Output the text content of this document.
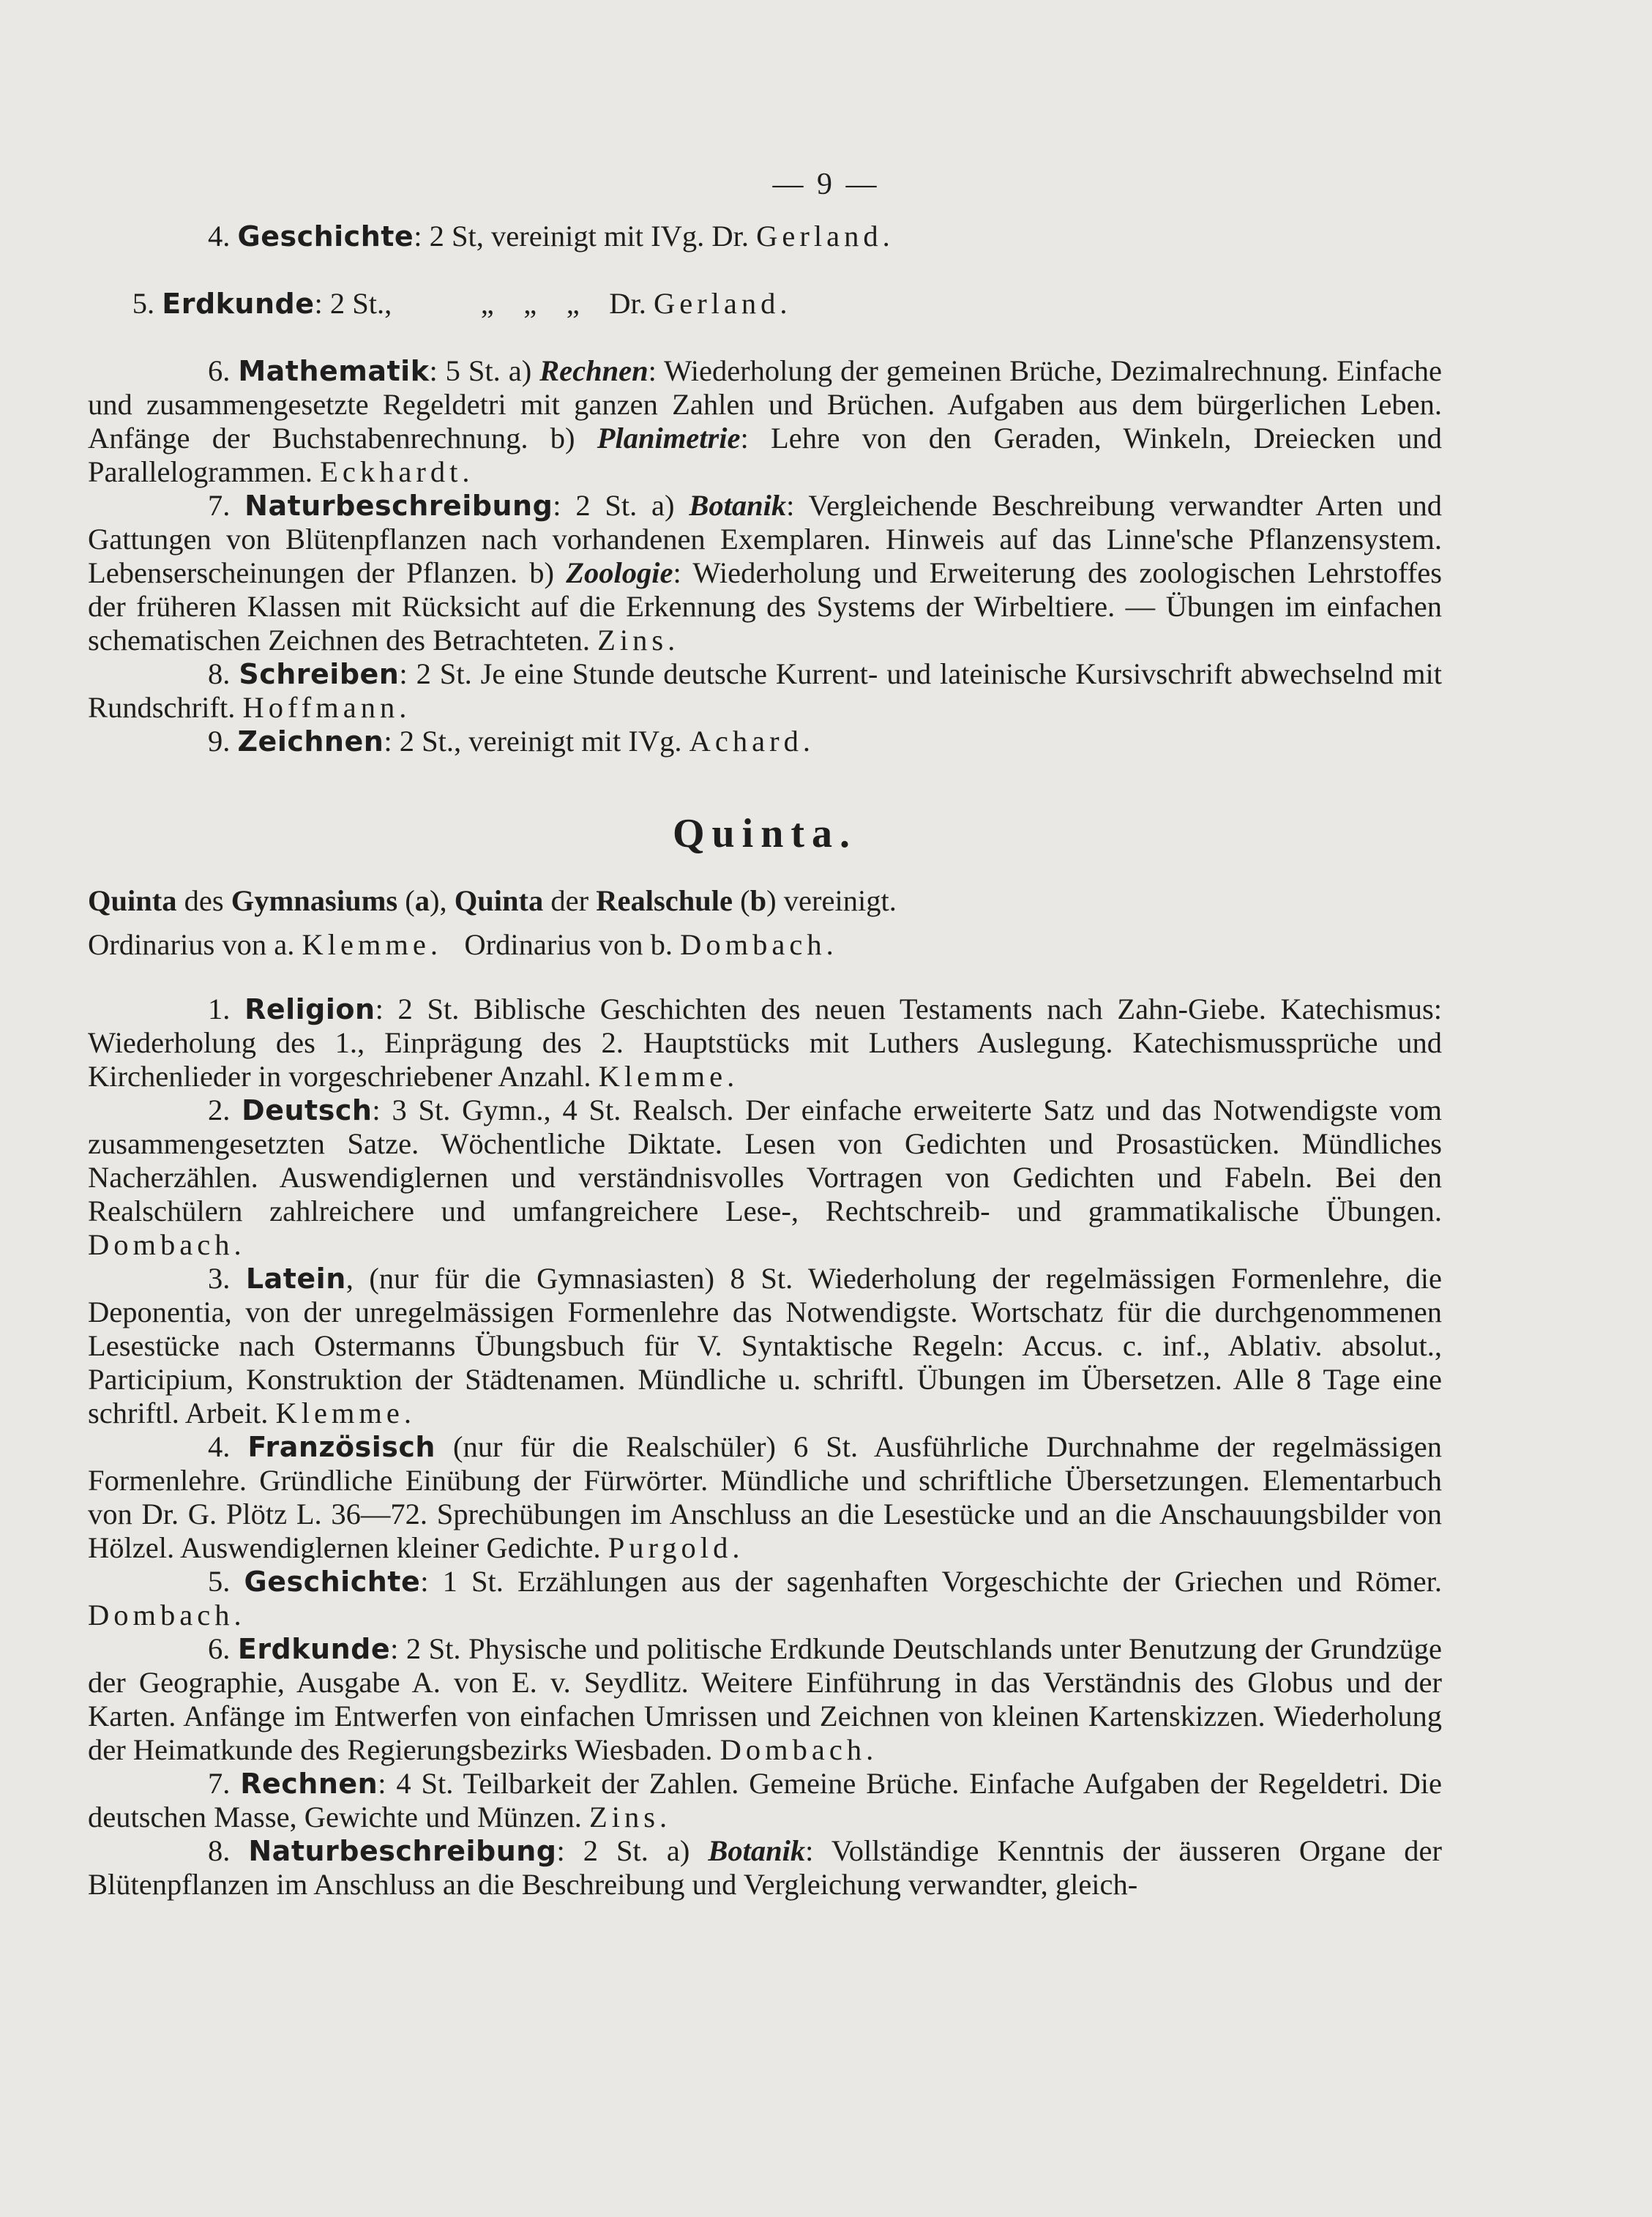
— 9 —

4. Geschichte: 2 St, vereinigt mit IVg. Dr. Gerland.

5. Erdkunde: 2 St.,            „    „    „    Dr. Gerland.

6. Mathematik: 5 St. a) Rechnen: Wiederholung der gemeinen Brüche, Dezimalrechnung. Einfache und zusammengesetzte Regeldetri mit ganzen Zahlen und Brüchen. Aufgaben aus dem bürgerlichen Leben. Anfänge der Buchstabenrechnung. b) Planimetrie: Lehre von den Geraden, Winkeln, Dreiecken und Parallelogrammen. Eckhardt.

7. Naturbeschreibung: 2 St. a) Botanik: Vergleichende Beschreibung verwandter Arten und Gattungen von Blütenpflanzen nach vorhandenen Exemplaren. Hinweis auf das Linne'sche Pflanzensystem. Lebenserscheinungen der Pflanzen. b) Zoologie: Wiederholung und Erweiterung des zoologischen Lehrstoffes der früheren Klassen mit Rücksicht auf die Erkennung des Systems der Wirbeltiere. — Übungen im einfachen schematischen Zeichnen des Betrachteten. Zins.

8. Schreiben: 2 St. Je eine Stunde deutsche Kurrent- und lateinische Kursivschrift abwechselnd mit Rundschrift. Hoffmann.

9. Zeichnen: 2 St., vereinigt mit IVg. Achard.

Quinta.

Quinta des Gymnasiums (a), Quinta der Realschule (b) vereinigt.

Ordinarius von a. Klemme. Ordinarius von b. Dombach.

1. Religion: 2 St. Biblische Geschichten des neuen Testaments nach Zahn-Giebe. Katechismus: Wiederholung des 1., Einprägung des 2. Hauptstücks mit Luthers Auslegung. Katechismussprüche und Kirchenlieder in vorgeschriebener Anzahl. Klemme.

2. Deutsch: 3 St. Gymn., 4 St. Realsch. Der einfache erweiterte Satz und das Notwendigste vom zusammengesetzten Satze. Wöchentliche Diktate. Lesen von Gedichten und Prosastücken. Mündliches Nacherzählen. Auswendiglernen und verständnisvolles Vortragen von Gedichten und Fabeln. Bei den Realschülern zahlreichere und umfangreichere Lese-, Rechtschreib- und grammatikalische Übungen. Dombach.

3. Latein, (nur für die Gymnasiasten) 8 St. Wiederholung der regelmässigen Formenlehre, die Deponentia, von der unregelmässigen Formenlehre das Notwendigste. Wortschatz für die durchgenommenen Lesestücke nach Ostermanns Übungsbuch für V. Syntaktische Regeln: Accus. c. inf., Ablativ. absolut., Participium, Konstruktion der Städtenamen. Mündliche u. schriftl. Übungen im Übersetzen. Alle 8 Tage eine schriftl. Arbeit. Klemme.

4. Französisch (nur für die Realschüler) 6 St. Ausführliche Durchnahme der regelmässigen Formenlehre. Gründliche Einübung der Fürwörter. Mündliche und schriftliche Übersetzungen. Elementarbuch von Dr. G. Plötz L. 36—72. Sprechübungen im Anschluss an die Lesestücke und an die Anschauungsbilder von Hölzel. Auswendiglernen kleiner Gedichte. Purgold.

5. Geschichte: 1 St. Erzählungen aus der sagenhaften Vorgeschichte der Griechen und Römer. Dombach.

6. Erdkunde: 2 St. Physische und politische Erdkunde Deutschlands unter Benutzung der Grundzüge der Geographie, Ausgabe A. von E. v. Seydlitz. Weitere Einführung in das Verständnis des Globus und der Karten. Anfänge im Entwerfen von einfachen Umrissen und Zeichnen von kleinen Kartenskizzen. Wiederholung der Heimatkunde des Regierungsbezirks Wiesbaden. Dombach.

7. Rechnen: 4 St. Teilbarkeit der Zahlen. Gemeine Brüche. Einfache Aufgaben der Regeldetri. Die deutschen Masse, Gewichte und Münzen. Zins.

8. Naturbeschreibung: 2 St. a) Botanik: Vollständige Kenntnis der äusseren Organe der Blütenpflanzen im Anschluss an die Beschreibung und Vergleichung verwandter, gleich-
